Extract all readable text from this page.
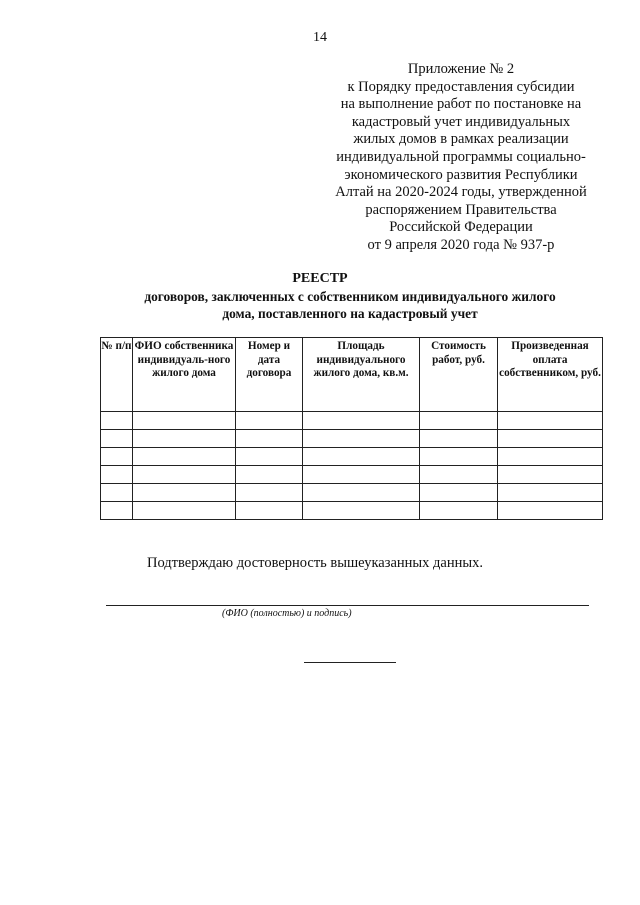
14
Приложение № 2
к Порядку предоставления субсидии
на выполнение работ по постановке на
кадастровый учет индивидуальных
жилых домов в рамках реализации
индивидуальной программы социально-
экономического развития Республики
Алтай на 2020-2024 годы, утвержденной
распоряжением Правительства
Российской Федерации
от 9 апреля 2020 года № 937-р
РЕЕСТР
договоров, заключенных с собственником индивидуального жилого
дома, поставленного на кадастровый учет
№ п/п	ФИО собственника индивидуаль-ного жилого дома	Номер и дата договора	Площадь индивидуального жилого дома, кв.м.	Стоимость работ, руб.	Произведенная оплата собственником, руб.

Подтверждаю достоверность вышеуказанных данных.
(ФИО (полностью) и подпись)
